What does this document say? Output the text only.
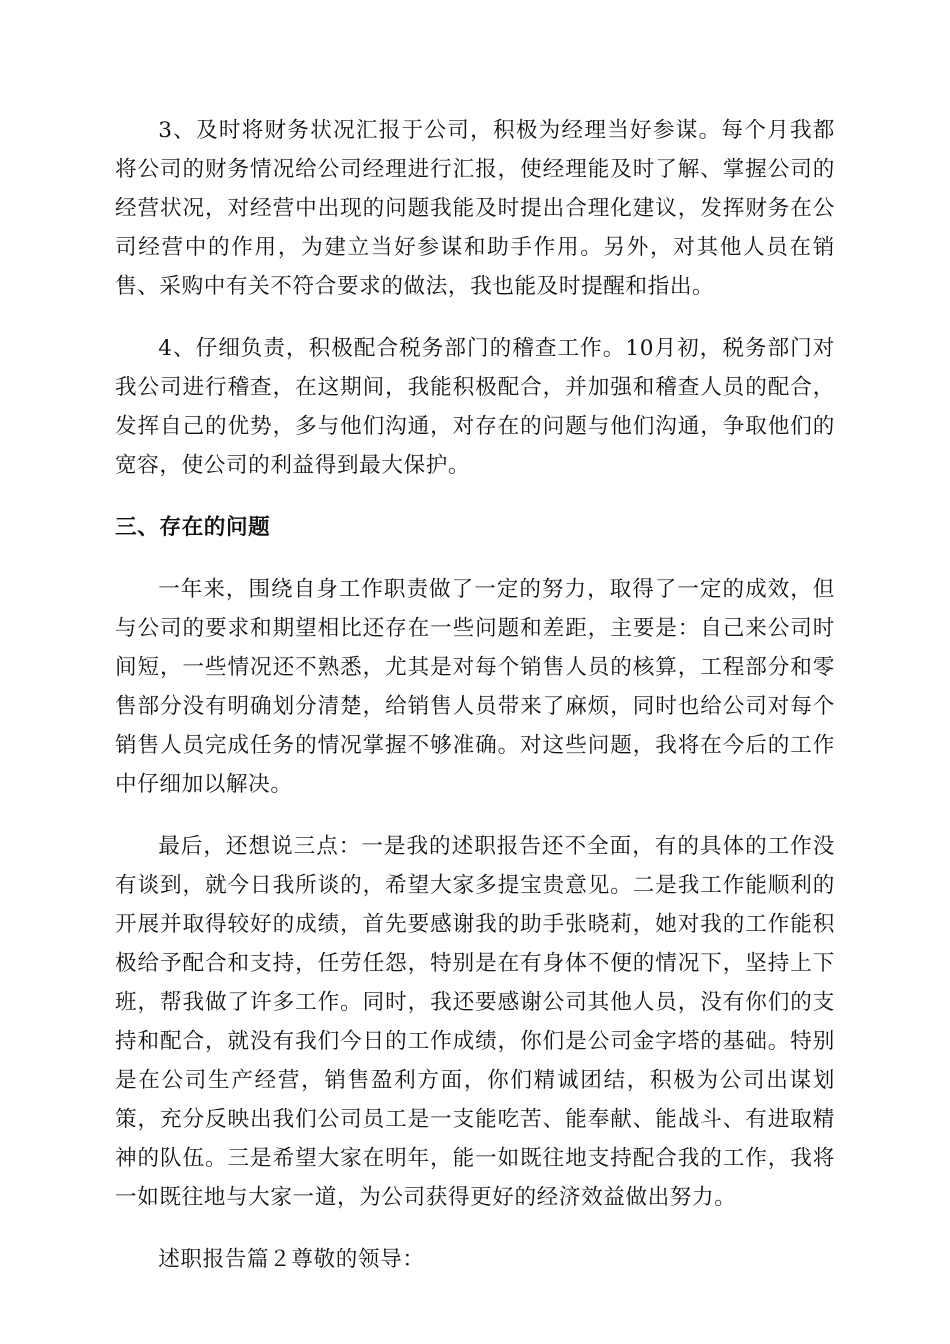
3、及时将财务状况汇报于公司，积极为经理当好参谋。每个月我都将公司的财务情况给公司经理进行汇报，使经理能及时了解、掌握公司的经营状况，对经营中出现的问题我能及时提出合理化建议，发挥财务在公司经营中的作用，为建立当好参谋和助手作用。另外，对其他人员在销售、采购中有关不符合要求的做法，我也能及时提醒和指出。

4、仔细负责，积极配合税务部门的稽查工作。10月初，税务部门对我公司进行稽查，在这期间，我能积极配合，并加强和稽查人员的配合，发挥自己的优势，多与他们沟通，对存在的问题与他们沟通，争取他们的宽容，使公司的利益得到最大保护。

三、存在的问题

一年来，围绕自身工作职责做了一定的努力，取得了一定的成效，但与公司的要求和期望相比还存在一些问题和差距，主要是：自己来公司时间短，一些情况还不熟悉，尤其是对每个销售人员的核算，工程部分和零售部分没有明确划分清楚，给销售人员带来了麻烦，同时也给公司对每个销售人员完成任务的情况掌握不够准确。对这些问题，我将在今后的工作中仔细加以解决。

最后，还想说三点：一是我的述职报告还不全面，有的具体的工作没有谈到，就今日我所谈的，希望大家多提宝贵意见。二是我工作能顺利的开展并取得较好的成绩，首先要感谢我的助手张晓莉，她对我的工作能积极给予配合和支持，任劳任怨，特别是在有身体不便的情况下，坚持上下班，帮我做了许多工作。同时，我还要感谢公司其他人员，没有你们的支持和配合，就没有我们今日的工作成绩，你们是公司金字塔的基础。特别是在公司生产经营，销售盈利方面，你们精诚团结，积极为公司出谋划策，充分反映出我们公司员工是一支能吃苦、能奉献、能战斗、有进取精神的队伍。三是希望大家在明年，能一如既往地支持配合我的工作，我将一如既往地与大家一道，为公司获得更好的经济效益做出努力。

述职报告篇２尊敬的领导：
